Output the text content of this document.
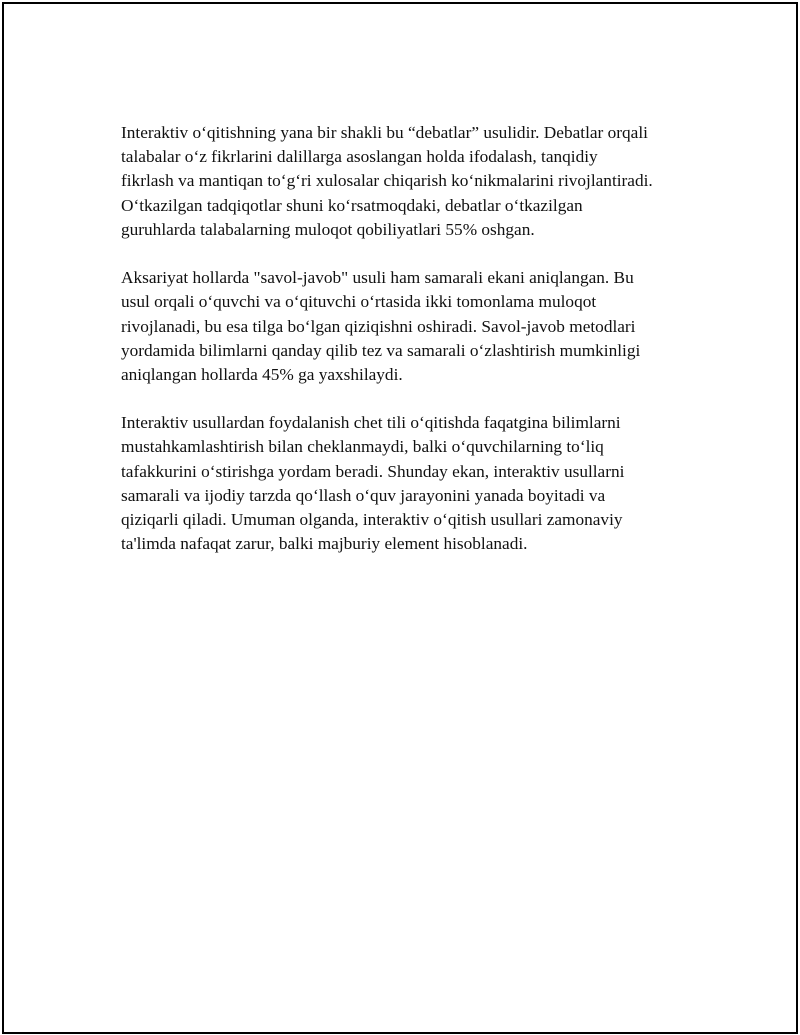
Interaktiv o‘qitishning yana bir shakli bu “debatlar” usulidir. Debatlar orqali
talabalar o‘z fikrlarini dalillarga asoslangan holda ifodalash, tanqidiy
fikrlash va mantiqan to‘g‘ri xulosalar chiqarish ko‘nikmalarini rivojlantiradi.
O‘tkazilgan tadqiqotlar shuni ko‘rsatmoqdaki, debatlar o‘tkazilgan
guruhlarda talabalarning muloqot qobiliyatlari 55% oshgan.

Aksariyat hollarda "savol-javob" usuli ham samarali ekani aniqlangan. Bu
usul orqali o‘quvchi va o‘qituvchi o‘rtasida ikki tomonlama muloqot
rivojlanadi, bu esa tilga bo‘lgan qiziqishni oshiradi. Savol-javob metodlari
yordamida bilimlarni qanday qilib tez va samarali o‘zlashtirish mumkinligi
aniqlangan hollarda 45% ga yaxshilaydi.

Interaktiv usullardan foydalanish chet tili o‘qitishda faqatgina bilimlarni
mustahkamlashtirish bilan cheklanmaydi, balki o‘quvchilarning to‘liq
tafakkurini o‘stirishga yordam beradi. Shunday ekan, interaktiv usullarni
samarali va ijodiy tarzda qo‘llash o‘quv jarayonini yanada boyitadi va
qiziqarli qiladi. Umuman olganda, interaktiv o‘qitish usullari zamonaviy
ta'limda nafaqat zarur, balki majburiy element hisoblanadi.
